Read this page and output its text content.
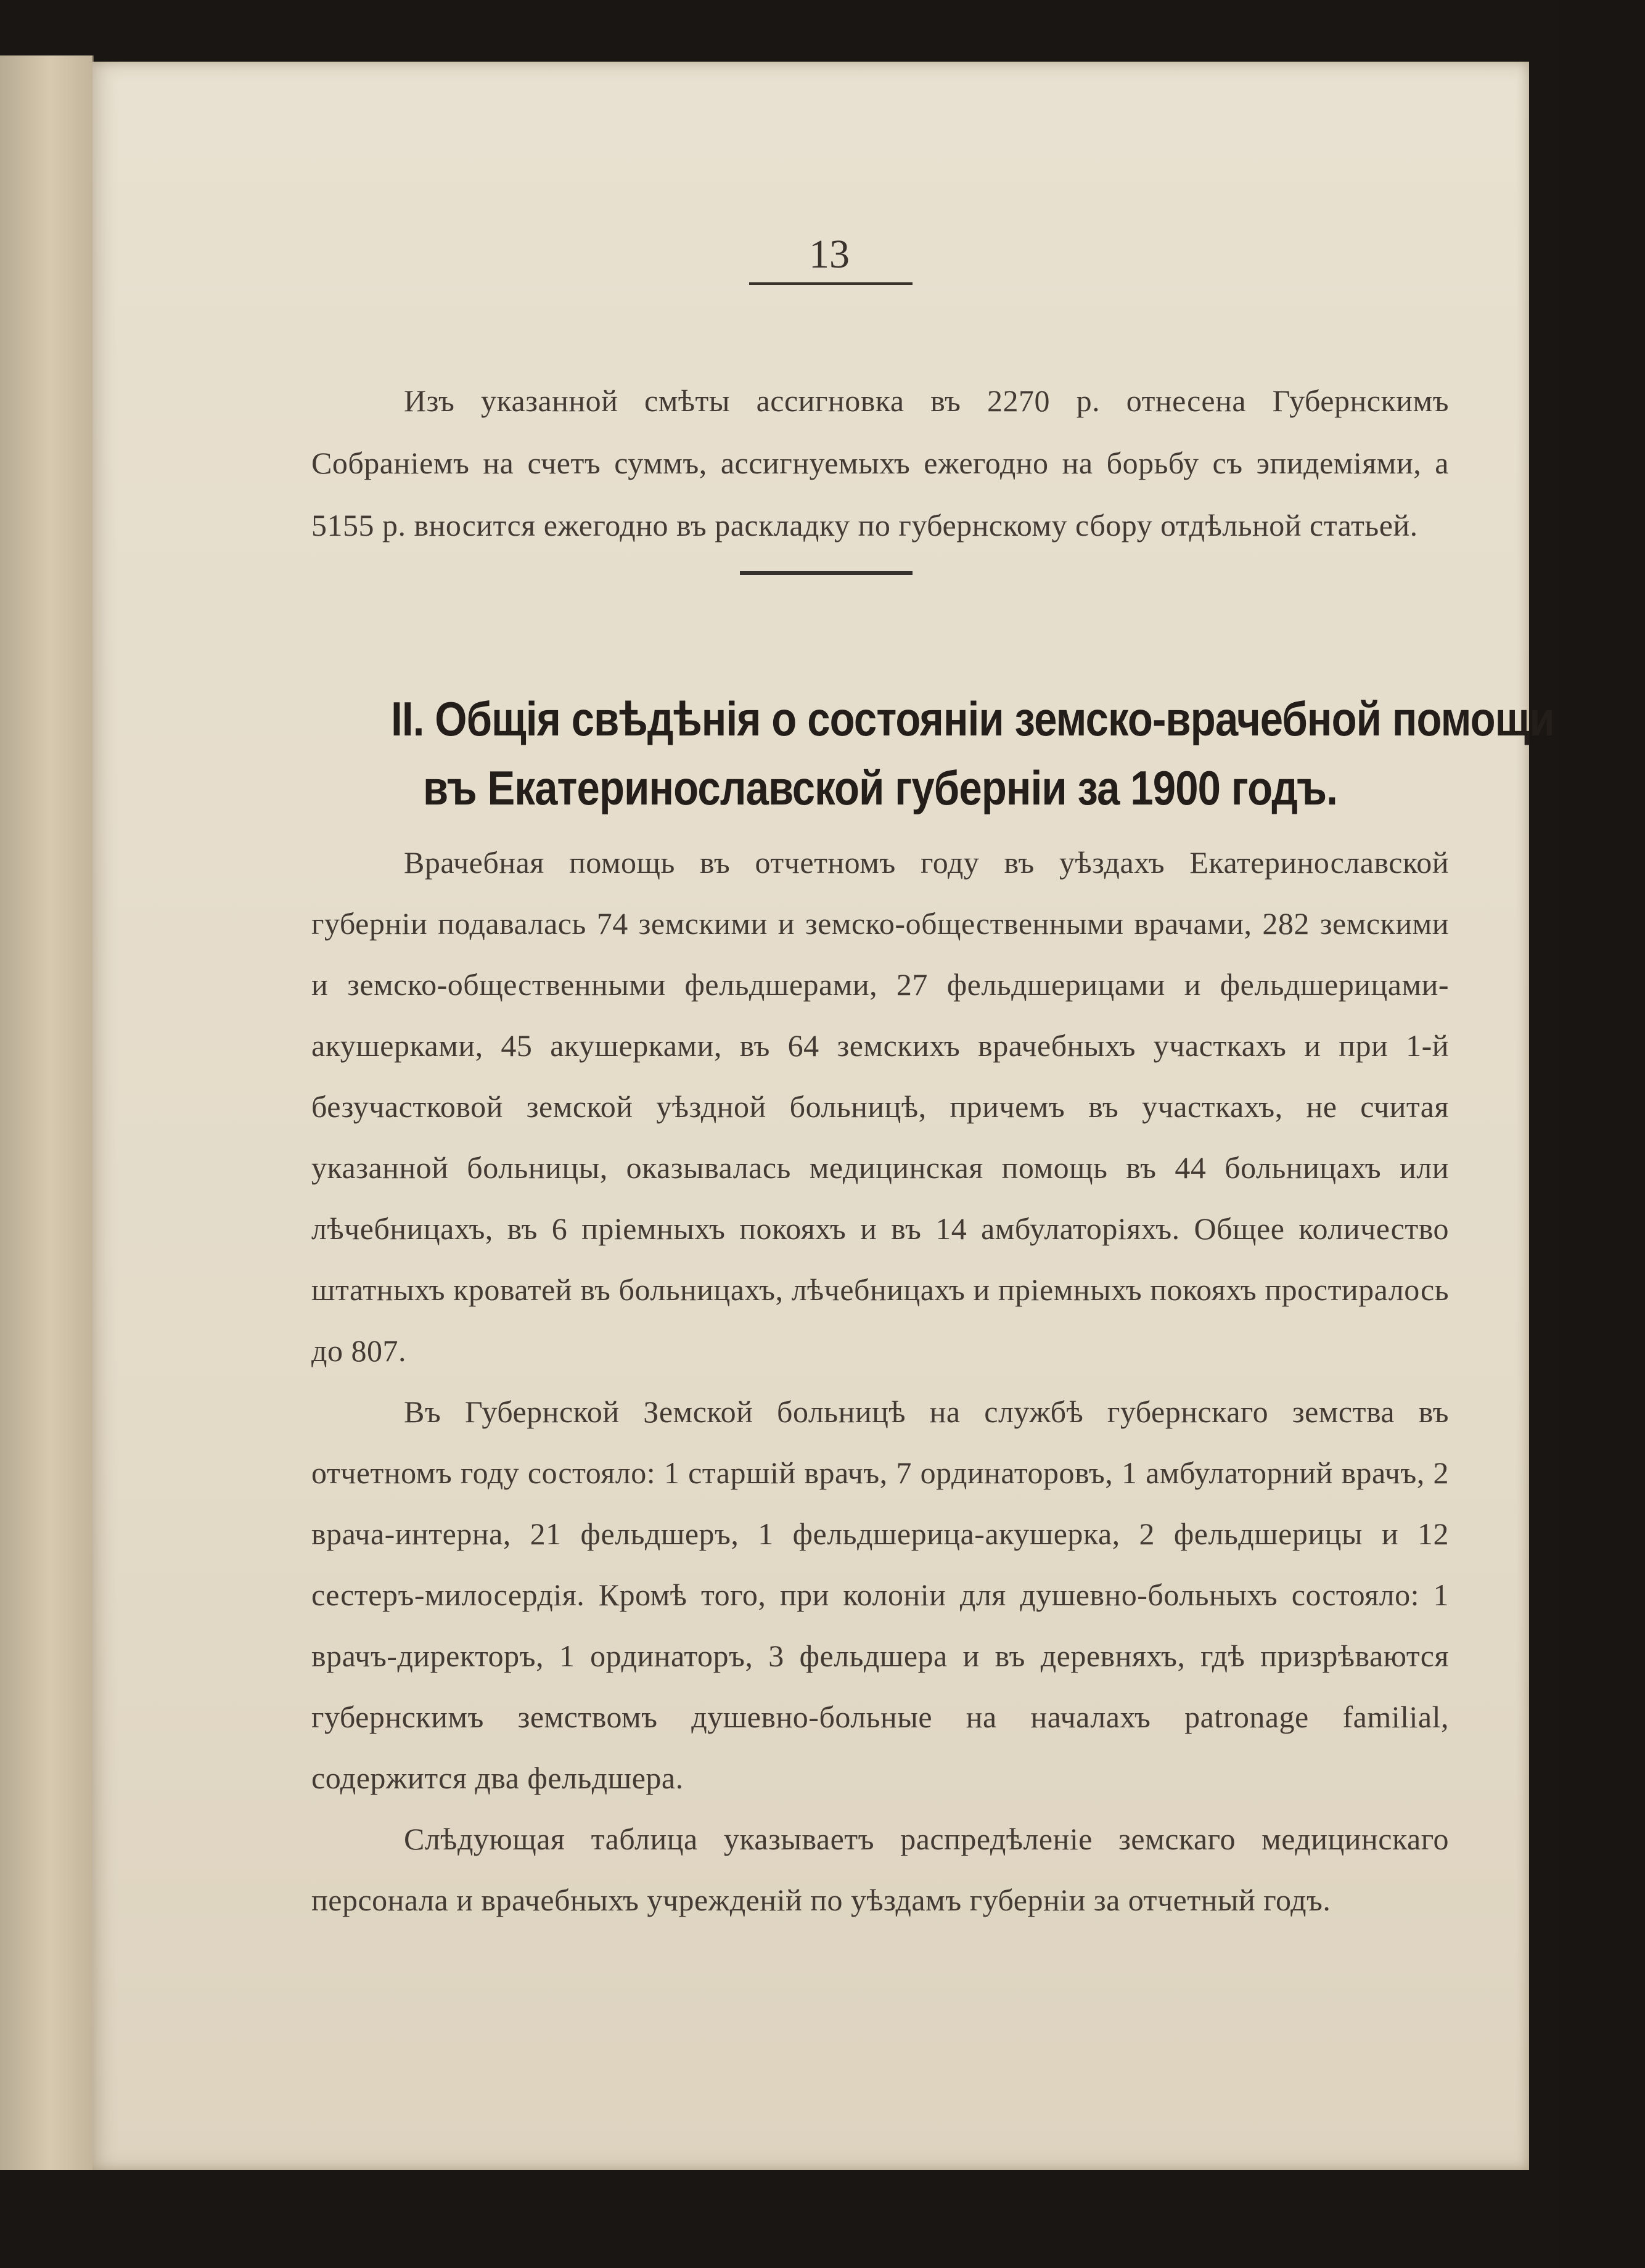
13

Изъ указанной смѣты ассигновка въ 2270 р. отнесена Губернскимъ Собраніемъ на счетъ суммъ, ассигнуемыхъ ежегодно на борьбу съ эпидеміями, а 5155 р. вносится ежегодно въ раскладку по губернскому сбору отдѣльной статьей.

II. Общія свѣдѣнія о состояніи земско-врачебной помощи
въ Екатеринославской губерніи за 1900 годъ.

Врачебная помощь въ отчетномъ году въ уѣздахъ Екатеринославской губерніи подавалась 74 земскими и земско-общественными врачами, 282 земскими и земско-общественными фельдшерами, 27 фельдшерицами и фельдшерицами-акушерками, 45 акушерками, въ 64 земскихъ врачебныхъ участкахъ и при 1-й безучастковой земской уѣздной больницѣ, причемъ въ участкахъ, не считая указанной больницы, оказывалась медицинская помощь въ 44 больницахъ или лѣчебницахъ, въ 6 пріемныхъ покояхъ и въ 14 амбулаторіяхъ. Общее количество штатныхъ кроватей въ больницахъ, лѣчебницахъ и пріемныхъ покояхъ простиралось до 807.

Въ Губернской Земской больницѣ на службѣ губернскаго земства въ отчетномъ году состояло: 1 старшій врачъ, 7 ординаторовъ, 1 амбулаторний врачъ, 2 врача-интерна, 21 фельдшеръ, 1 фельдшерица-акушерка, 2 фельдшерицы и 12 сестеръ-милосердія. Кромѣ того, при колоніи для душевно-больныхъ состояло: 1 врачъ-директоръ, 1 ординаторъ, 3 фельдшера и въ деревняхъ, гдѣ призрѣваются губернскимъ земствомъ душевно-больные на началахъ patronage familial, содержится два фельдшера.

Слѣдующая таблица указываетъ распредѣленіе земскаго медицинскаго персонала и врачебныхъ учрежденій по уѣздамъ губерніи за отчетный годъ.
